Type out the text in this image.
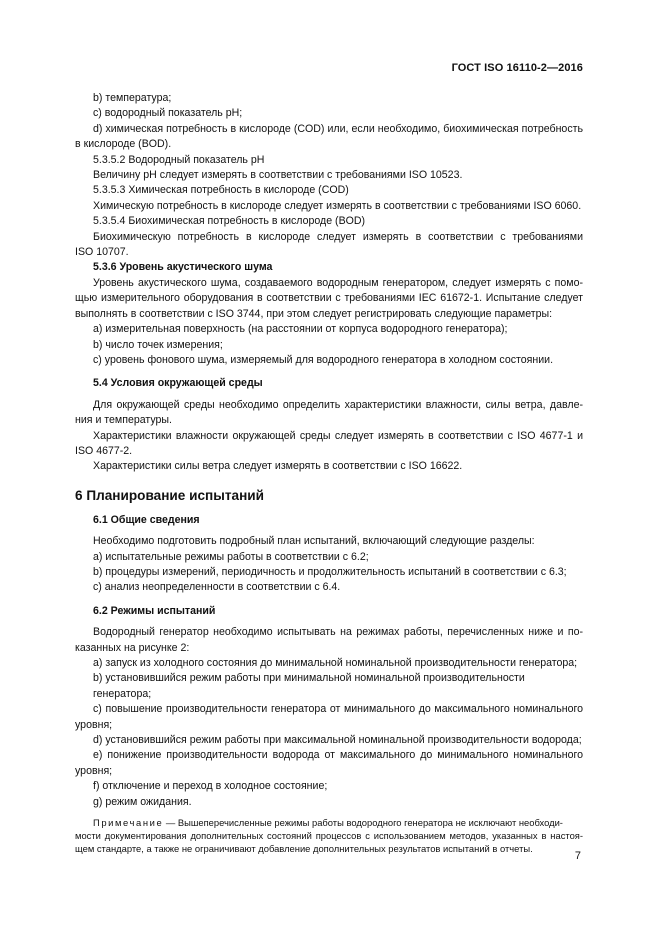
ГОСТ ISO 16110-2—2016

b) температура;

c) водородный показатель рН;

d) химическая потребность в кислороде (COD) или, если необходимо, биохимическая потребность

в кислороде (BOD).

5.3.5.2 Водородный показатель рН

Величину рН следует измерять в соответствии с требованиями ISO 10523.

5.3.5.3 Химическая потребность в кислороде (COD)

Химическую потребность в кислороде следует измерять в соответствии с требованиями ISO 6060.

5.3.5.4 Биохимическая потребность в кислороде (BOD)

Биохимическую потребность в кислороде следует измерять в соответствии с требованиями

ISO 10707.

5.3.6 Уровень акустического шума

Уровень акустического шума, создаваемого водородным генератором, следует измерять с помо-

щью измерительного оборудования в соответствии с требованиями IEC 61672-1. Испытание следует

выполнять в соответствии с ISO 3744, при этом следует регистрировать следующие параметры:

a) измерительная поверхность (на расстоянии от корпуса водородного генератора);

b) число точек измерения;

c) уровень фонового шума, измеряемый для водородного генератора в холодном состоянии.

5.4 Условия окружающей среды

Для окружающей среды необходимо определить характеристики влажности, силы ветра, давле-

ния и температуры.

Характеристики влажности окружающей среды следует измерять в соответствии с ISO 4677-1 и

ISO 4677-2.

Характеристики силы ветра следует измерять в соответствии с ISO 16622.

6 Планирование испытаний

6.1 Общие сведения

Необходимо подготовить подробный план испытаний, включающий следующие разделы:

a) испытательные режимы работы в соответствии с 6.2;

b) процедуры измерений, периодичность и продолжительность испытаний в соответствии с 6.3;

c) анализ неопределенности в соответствии с 6.4.

6.2 Режимы испытаний

Водородный генератор необходимо испытывать на режимах работы, перечисленных ниже и по-

казанных на рисунке 2:

a) запуск из холодного состояния до минимальной номинальной производительности генератора;

b) установившийся режим работы при минимальной номинальной производительности генератора;

c) повышение производительности генератора от минимального до максимального номинального

уровня;

d) установившийся режим работы при максимальной номинальной производительности водорода;

e) понижение производительности водорода от максимального до минимального номинального

уровня;

f) отключение и переход в холодное состояние;

g) режим ожидания.

Примечание — Вышеперечисленные режимы работы водородного генератора не исключают необходи-

мости документирования дополнительных состояний процессов с использованием методов, указанных в настоя-

щем стандарте, а также не ограничивают добавление дополнительных результатов испытаний в отчеты.

7
